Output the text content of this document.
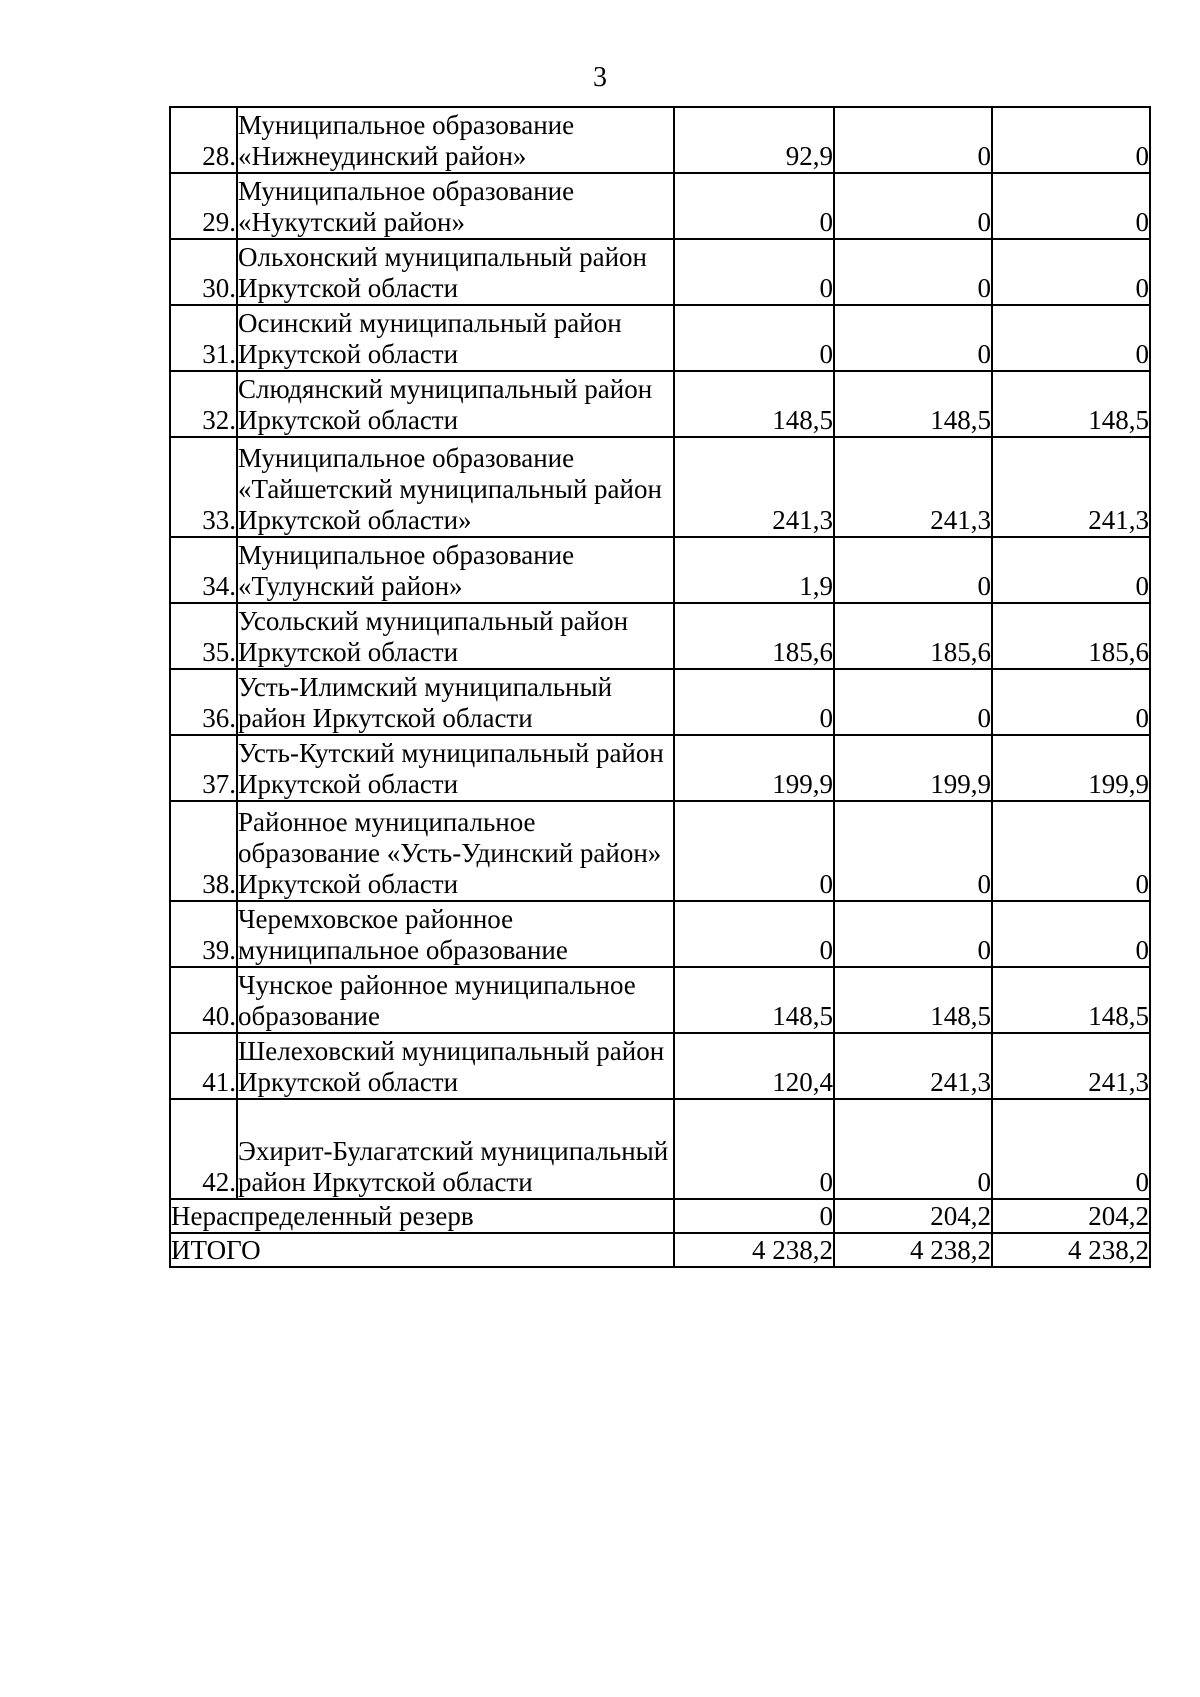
3
28.	Муниципальное образование «Нижнеудинский район»	92,9	0	0
29.	Муниципальное образование «Нукутский район»	0	0	0
30.	Ольхонский муниципальный район Иркутской области	0	0	0
31.	Осинский муниципальный район Иркутской области	0	0	0
32.	Слюдянский муниципальный район Иркутской области	148,5	148,5	148,5
33.	Муниципальное образование «Тайшетский муниципальный район Иркутской области»	241,3	241,3	241,3
34.	Муниципальное образование «Тулунский район»	1,9	0	0
35.	Усольский муниципальный район Иркутской области	185,6	185,6	185,6
36.	Усть-Илимский муниципальный район Иркутской области	0	0	0
37.	Усть-Кутский муниципальный район Иркутской области	199,9	199,9	199,9
38.	Районное муниципальное образование «Усть-Удинский район» Иркутской области	0	0	0
39.	Черемховское районное муниципальное образование	0	0	0
40.	Чунское районное муниципальное образование	148,5	148,5	148,5
41.	Шелеховский муниципальный район Иркутской области	120,4	241,3	241,3
42.	Эхирит-Булагатский муниципальный район Иркутской области	0	0	0
Нераспределенный резерв		0	204,2	204,2
ИТОГО		4 238,2	4 238,2	4 238,2
